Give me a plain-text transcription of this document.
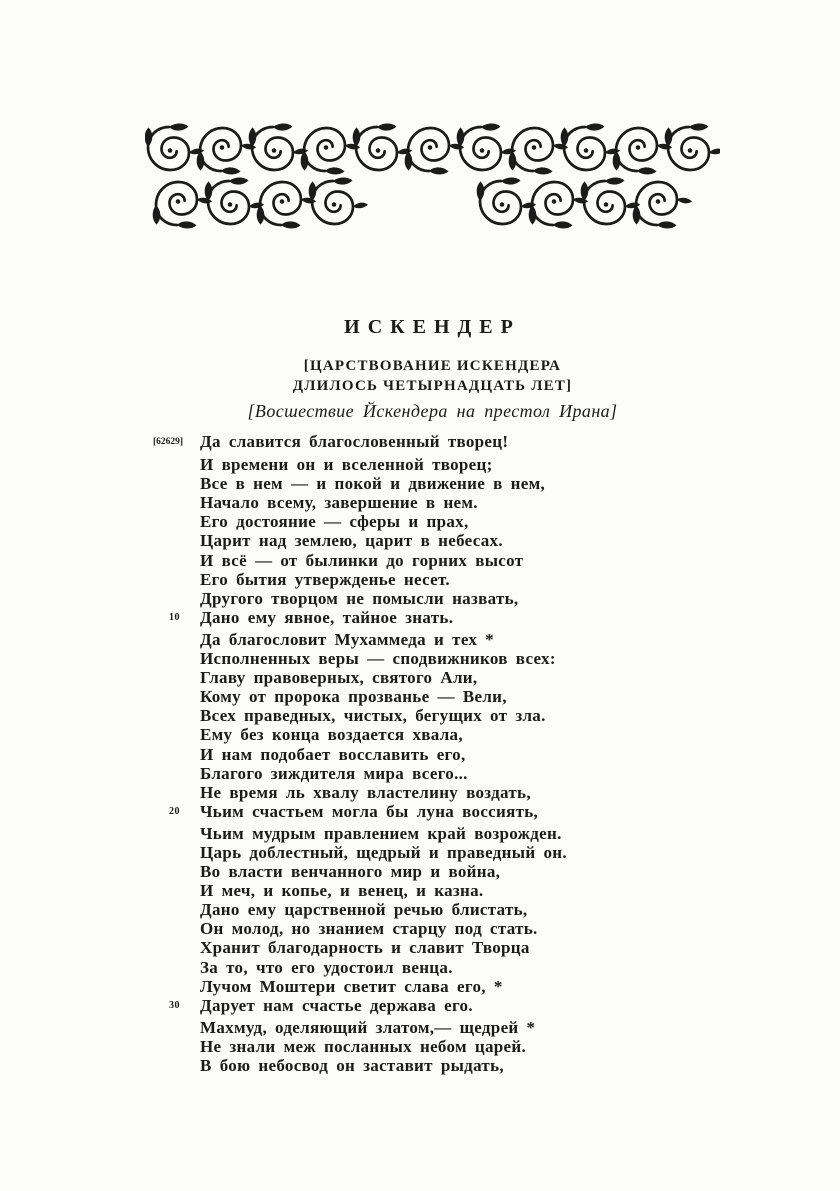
ИСКЕНДЕР
[ЦАРСТВОВАНИЕ ИСКЕНДЕРА
ДЛИЛОСЬ ЧЕТЫРНАДЦАТЬ ЛЕТ]
[Восшествие Йскендера на престол Ирана]
[62629] Да славится благословенный творец!
И времени он и вселенной творец;
Все в нем — и покой и движение в нем,
Начало всему, завершение в нем.
Его достояние — сферы и прах,
Царит над землею, царит в небесах.
И всё — от былинки до горних высот
Его бытия утвержденье несет.
Другого творцом не помысли назвать,
10	Дано ему явное, тайное знать.
Да благословит Мухаммеда и тех *
Исполненных веры — сподвижников всех:
Главу правоверных, святого Али,
Кому от пророка прозванье — Вели,
Всех праведных, чистых, бегущих от зла.
Ему без конца воздается хвала,
И нам подобает восславить его,
Благого зиждителя мира всего...
Не время ль хвалу властелину воздать,
20	Чьим счастьем могла бы луна воссиять,
Чьим мудрым правлением край возрожден.
Царь доблестный, щедрый и праведный он.
Во власти венчанного мир и война,
И меч, и копье, и венец, и казна.
Дано ему царственной речью блистать,
Он молод, но знанием старцу под стать.
Хранит благодарность и славит Творца
За то, что его удостоил венца.
Лучом Моштери светит слава его, *
30	Дарует нам счастье держава его.
Махмуд, оделяющий златом,— щедрей *
Не знали меж посланных небом царей.
В бою небосвод он заставит рыдать,
